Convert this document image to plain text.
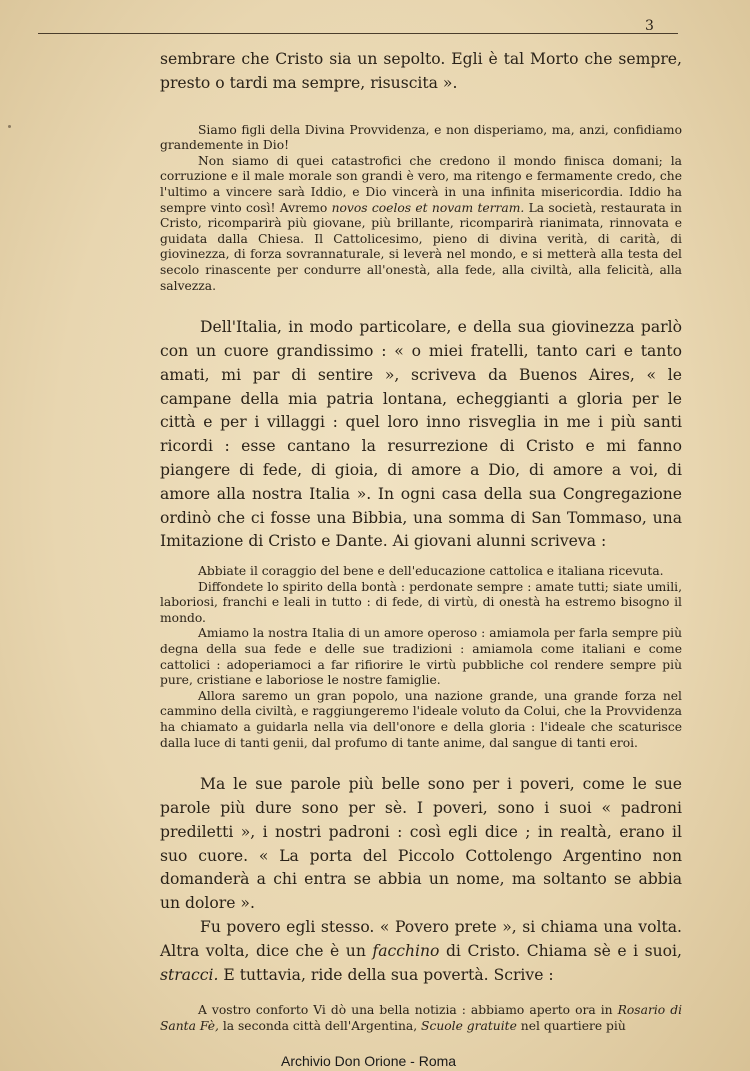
3

sembrare che Cristo sia un sepolto. Egli è tal Morto che sempre, presto o tardi ma sempre, risuscita ».

Siamo figli della Divina Provvidenza, e non disperiamo, ma, anzi, confidiamo grandemente in Dio!

Non siamo di quei catastrofici che credono il mondo finisca domani; la corruzione e il male morale son grandi è vero, ma ritengo e fermamente credo, che l'ultimo a vincere sarà Iddio, e Dio vincerà in una infinita misericordia. Iddio ha sempre vinto così! Avremo novos coelos et novam terram. La società, restaurata in Cristo, ricomparirà più giovane, più brillante, ricomparirà rianimata, rinnovata e guidata dalla Chiesa. Il Cattolicesimo, pieno di divina verità, di carità, di giovinezza, di forza sovrannaturale, si leverà nel mondo, e si metterà alla testa del secolo rinascente per condurre all'onestà, alla fede, alla civiltà, alla felicità, alla salvezza.

Dell'Italia, in modo particolare, e della sua giovinezza parlò con un cuore grandissimo : « o miei fratelli, tanto cari e tanto amati, mi par di sentire », scriveva da Buenos Aires, « le campane della mia patria lontana, echeggianti a gloria per le città e per i villaggi : quel loro inno risveglia in me i più santi ricordi : esse cantano la resurrezione di Cristo e mi fanno piangere di fede, di gioia, di amore a Dio, di amore a voi, di amore alla nostra Italia ». In ogni casa della sua Congregazione ordinò che ci fosse una Bibbia, una somma di San Tommaso, una Imitazione di Cristo e Dante. Ai giovani alunni scriveva :

Abbiate il coraggio del bene e dell'educazione cattolica e italiana ricevuta.

Diffondete lo spirito della bontà : perdonate sempre : amate tutti; siate umili, laboriosi, franchi e leali in tutto : di fede, di virtù, di onestà ha estremo bisogno il mondo.

Amiamo la nostra Italia di un amore operoso : amiamola per farla sempre più degna della sua fede e delle sue tradizioni : amiamola come italiani e come cattolici : adoperiamoci a far rifiorire le virtù pubbliche col rendere sempre più pure, cristiane e laboriose le nostre famiglie.

Allora saremo un gran popolo, una nazione grande, una grande forza nel cammino della civiltà, e raggiungeremo l'ideale voluto da Colui, che la Provvidenza ha chiamato a guidarla nella via dell'onore e della gloria : l'ideale che scaturisce dalla luce di tanti genii, dal profumo di tante anime, dal sangue di tanti eroi.

Ma le sue parole più belle sono per i poveri, come le sue parole più dure sono per sè. I poveri, sono i suoi « padroni prediletti », i nostri padroni : così egli dice ; in realtà, erano il suo cuore. « La porta del Piccolo Cottolengo Argentino non domanderà a chi entra se abbia un nome, ma soltanto se abbia un dolore ».

Fu povero egli stesso. « Povero prete », si chiama una volta. Altra volta, dice che è un facchino di Cristo. Chiama sè e i suoi, stracci. E tuttavia, ride della sua povertà. Scrive :

A vostro conforto Vi dò una bella notizia : abbiamo aperto ora in Rosario di Santa Fè, la seconda città dell'Argentina, Scuole gratuite nel quartiere più

Archivio Don Orione - Roma
